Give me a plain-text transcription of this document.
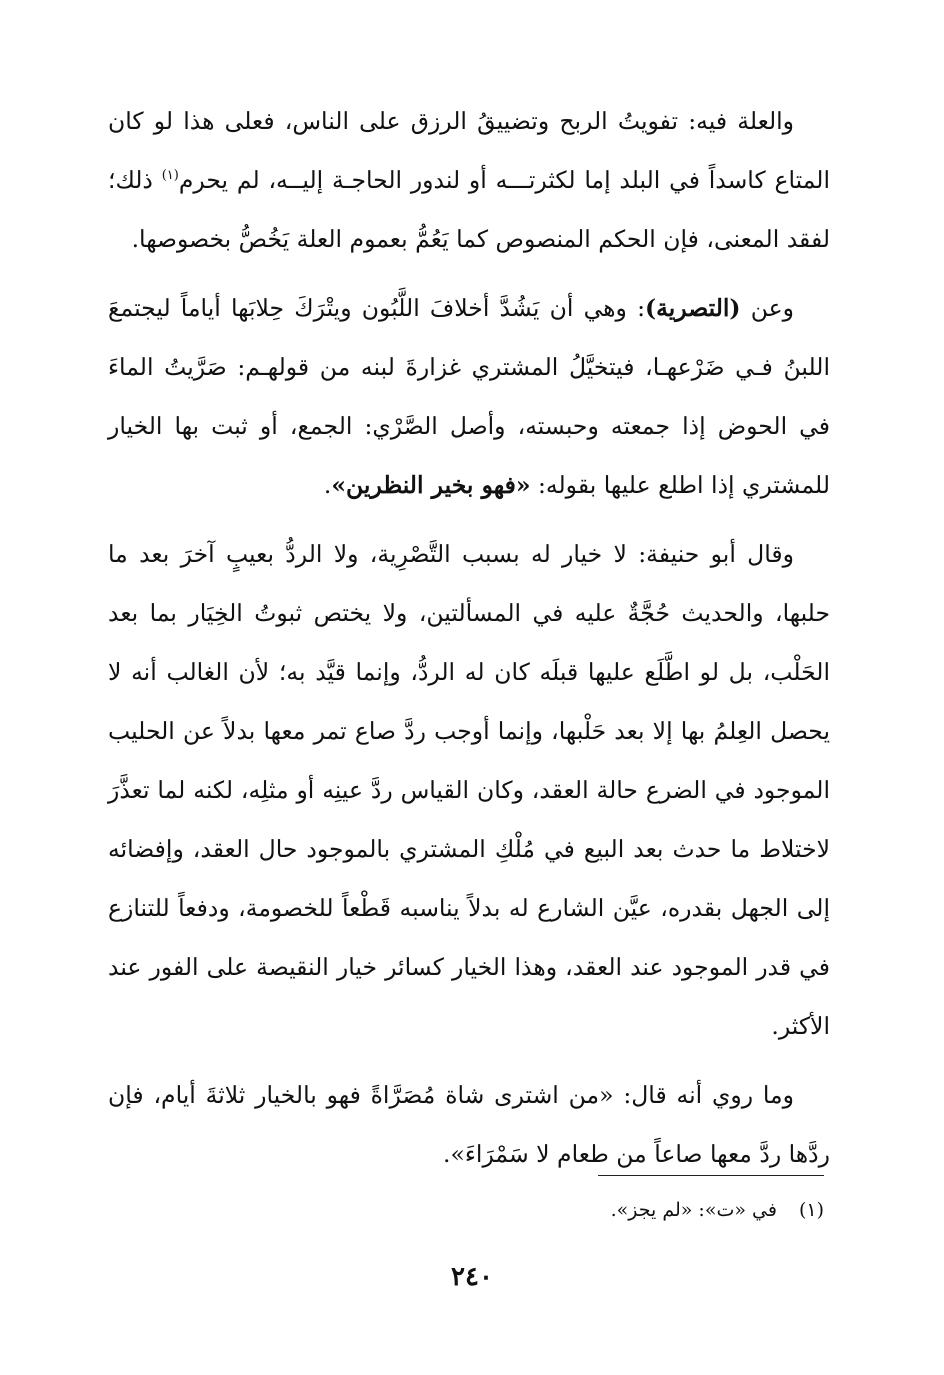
والعلة فيه: تفويتُ الربح وتضييقُ الرزق على الناس، فعلى هذا لو كان المتاع كاسداً في البلد إما لكثرتـــه أو لندور الحاجـة إليــه، لم يحرم$^{(١)}$ ذلك؛ لفقد المعنى، فإن الحكم المنصوص كما يَعُمُّ بعموم العلة يَخُصُّ بخصوصها.

وعن (التصرية): وهي أن يَشُدَّ أخلافَ اللَّبُون ويتْرَكَ حِلابَها أياماً ليجتمعَ اللبنُ فـي ضَرْعهـا، فيتخيَّلُ المشتري غزارةَ لبنه من قولهـم: صَرَّيتُ الماءَ في الحوض إذا جمعته وحبسته، وأصل الصَّرْي: الجمع، أو ثبت بها الخيار للمشتري إذا اطلع عليها بقوله: «فهو بخير النظرين».

وقال أبو حنيفة: لا خيار له بسبب التَّصْرِية، ولا الردُّ بعيبٍ آخرَ بعد ما حلبها، والحديث حُجَّةٌ عليه في المسألتين، ولا يختص ثبوتُ الخِيَار بما بعد الحَلْب، بل لو اطَّلَع عليها قبلَه كان له الردُّ، وإنما قيَّد به؛ لأن الغالب أنه لا يحصل العِلمُ بها إلا بعد حَلْبها، وإنما أوجب ردَّ صاع تمر معها بدلاً عن الحليب الموجود في الضرع حالة العقد، وكان القياس ردَّ عينِه أو مثلِه، لكنه لما تعذَّرَ لاختلاط ما حدث بعد البيع في مُلْكِ المشتري بالموجود حال العقد، وإفضائه إلى الجهل بقدره، عيَّن الشارع له بدلاً يناسبه قَطْعاً للخصومة، ودفعاً للتنازع في قدر الموجود عند العقد، وهذا الخيار كسائر خيار النقيصة على الفور عند الأكثر.

وما روي أنه قال: «من اشترى شاة مُصَرَّاةً فهو بالخيار ثلاثةَ أيام، فإن ردَّها ردَّ معها صاعاً من طعام لا سَمْرَاءَ».

(١)في «ت»: «لم يجز».
٢٤٠
